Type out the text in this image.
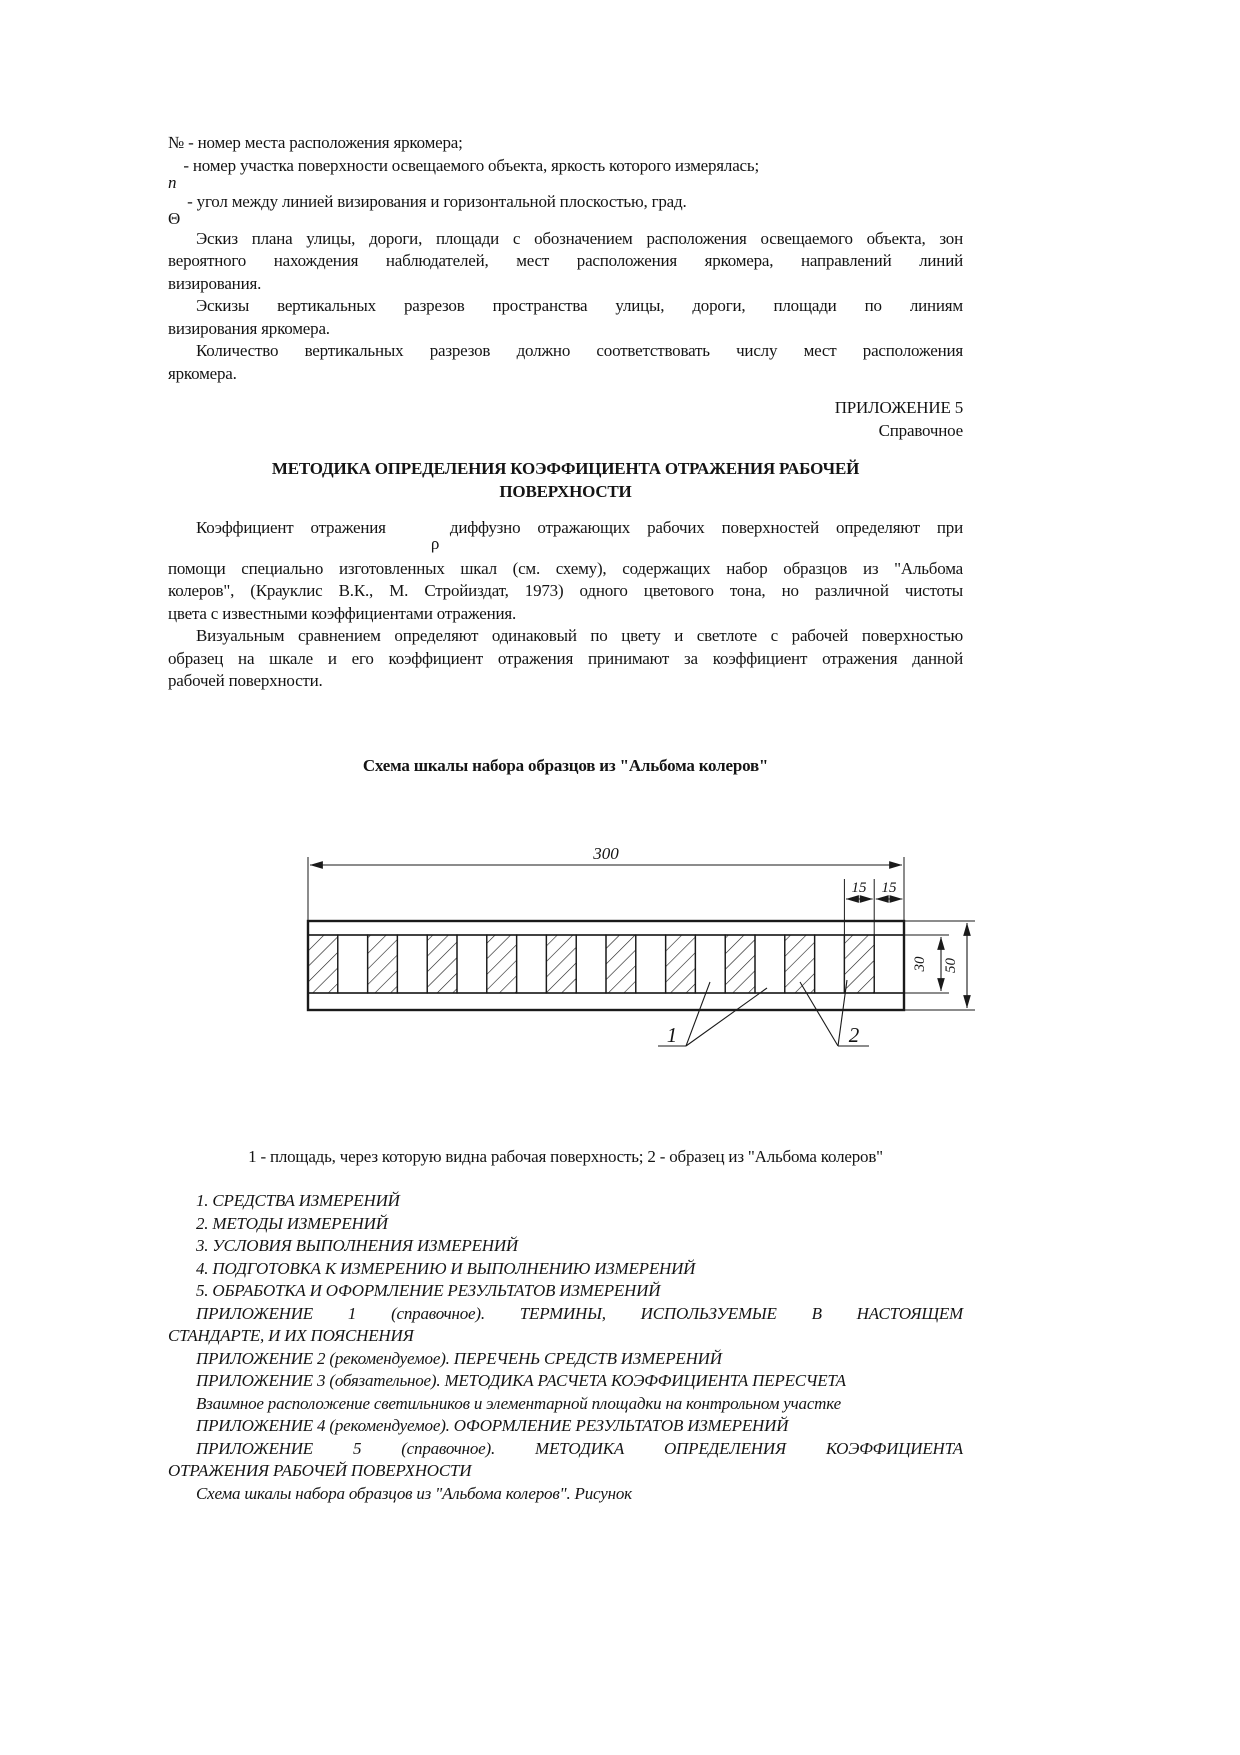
№ - номер места расположения яркомера;
n - номер участка поверхности освещаемого объекта, яркость которого измерялась;
Θ - угол между линией визирования и горизонтальной плоскостью, град.

Эскиз плана улицы, дороги, площади с обозначением расположения освещаемого объекта, зон

вероятного нахождения наблюдателей, мест расположения яркомера, направлений линий

визирования.

Эскизы вертикальных разрезов пространства улицы, дороги, площади по линиям

визирования яркомера.

Количество вертикальных разрезов должно соответствовать числу мест расположения

яркомера.

ПРИЛОЖЕНИЕ 5

Справочное

МЕТОДИКА ОПРЕДЕЛЕНИЯ КОЭФФИЦИЕНТА ОТРАЖЕНИЯ РАБОЧЕЙ

ПОВЕРХНОСТИ

Коэффициент отражения ρ диффузно отражающих рабочих поверхностей определяют при

помощи специально изготовленных шкал (см. схему), содержащих набор образцов из "Альбома

колеров", (Крауклис В.К., М. Стройиздат, 1973) одного цветового тона, но различной чистоты

цвета с известными коэффициентами отражения.

Визуальным сравнением определяют одинаковый по цвету и светлоте с рабочей поверхностью

образец на шкале и его коэффициент отражения принимают за коэффициент отражения данной

рабочей поверхности.

Схема шкалы набора образцов из "Альбома колеров"

300
15 15
30 50
1	2

1 - площадь, через которую видна рабочая поверхность; 2 - образец из "Альбома колеров"

1. СРЕДСТВА ИЗМЕРЕНИЙ

2. МЕТОДЫ ИЗМЕРЕНИЙ

3. УСЛОВИЯ ВЫПОЛНЕНИЯ ИЗМЕРЕНИЙ

4. ПОДГОТОВКА К ИЗМЕРЕНИЮ И ВЫПОЛНЕНИЮ ИЗМЕРЕНИЙ

5. ОБРАБОТКА И ОФОРМЛЕНИЕ РЕЗУЛЬТАТОВ ИЗМЕРЕНИЙ

ПРИЛОЖЕНИЕ 1 (справочное). ТЕРМИНЫ, ИСПОЛЬЗУЕМЫЕ В НАСТОЯЩЕМ

СТАНДАРТЕ, И ИХ ПОЯСНЕНИЯ

ПРИЛОЖЕНИЕ 2 (рекомендуемое). ПЕРЕЧЕНЬ СРЕДСТВ ИЗМЕРЕНИЙ

ПРИЛОЖЕНИЕ 3 (обязательное). МЕТОДИКА РАСЧЕТА КОЭФФИЦИЕНТА ПЕРЕСЧЕТА

Взаимное расположение светильников и элементарной площадки на контрольном участке

ПРИЛОЖЕНИЕ 4 (рекомендуемое). ОФОРМЛЕНИЕ РЕЗУЛЬТАТОВ ИЗМЕРЕНИЙ

ПРИЛОЖЕНИЕ 5 (справочное). МЕТОДИКА ОПРЕДЕЛЕНИЯ КОЭФФИЦИЕНТА

ОТРАЖЕНИЯ РАБОЧЕЙ ПОВЕРХНОСТИ

Схема шкалы набора образцов из "Альбома колеров". Рисунок
